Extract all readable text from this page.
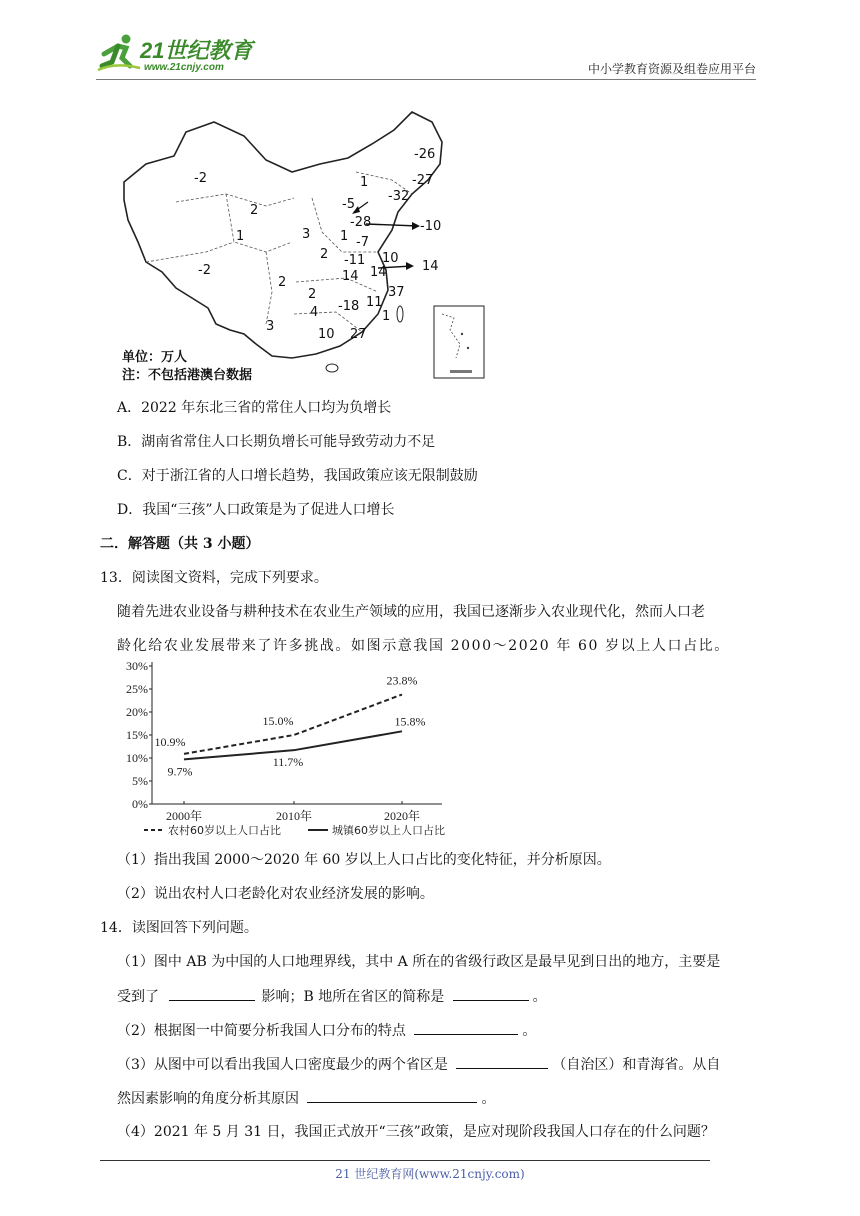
21世纪教育
www.21cnjy.com	中小学教育资源及组卷应用平台
-2
-26
-27
1
-32
-5
-28	-10
2
1	3 1 -7
2
-2
-11 10
14 14	14
2
37
2
-18 11
4	1
3
10 27
单位：万人
注：不包括港澳台数据
A．2022 年东北三省的常住人口均为负增长
B．湖南省常住人口长期负增长可能导致劳动力不足
C．对于浙江省的人口增长趋势，我国政策应该无限制鼓励
D．我国“三孩”人口政策是为了促进人口增长
二．解答题（共 3 小题）
13．阅读图文资料，完成下列要求。
随着先进农业设备与耕种技术在农业生产领域的应用，我国已逐渐步入农业现代化，然而人口老
龄化给农业发展带来了许多挑战。如图示意我国 2000～2020 年 60 岁以上人口占比。
0%
5%
10%
15%
20%
25%
30%
2000年	2010年	2020年
10.9%
15.0%
23.8%
9.7%
11.7%
15.8%
农村60岁以上人口占比	城镇60岁以上人口占比
（1）指出我国 2000～2020 年 60 岁以上人口占比的变化特征，并分析原因。
（2）说出农村人口老龄化对农业经济发展的影响。
14．读图回答下列问题。
（1）图中 AB 为中国的人口地理界线，其中 A 所在的省级行政区是最早见到日出的地方，主要是
受到了	影响；B 地所在省区的简称是	。
（2）根据图一中简要分析我国人口分布的特点	。
（3）从图中可以看出我国人口密度最少的两个省区是	（自治区）和青海省。从自
然因素影响的角度分析其原因	。
（4）2021 年 5 月 31 日，我国正式放开“三孩”政策，是应对现阶段我国人口存在的什么问题？
21 世纪教育网(www.21cnjy.com)
